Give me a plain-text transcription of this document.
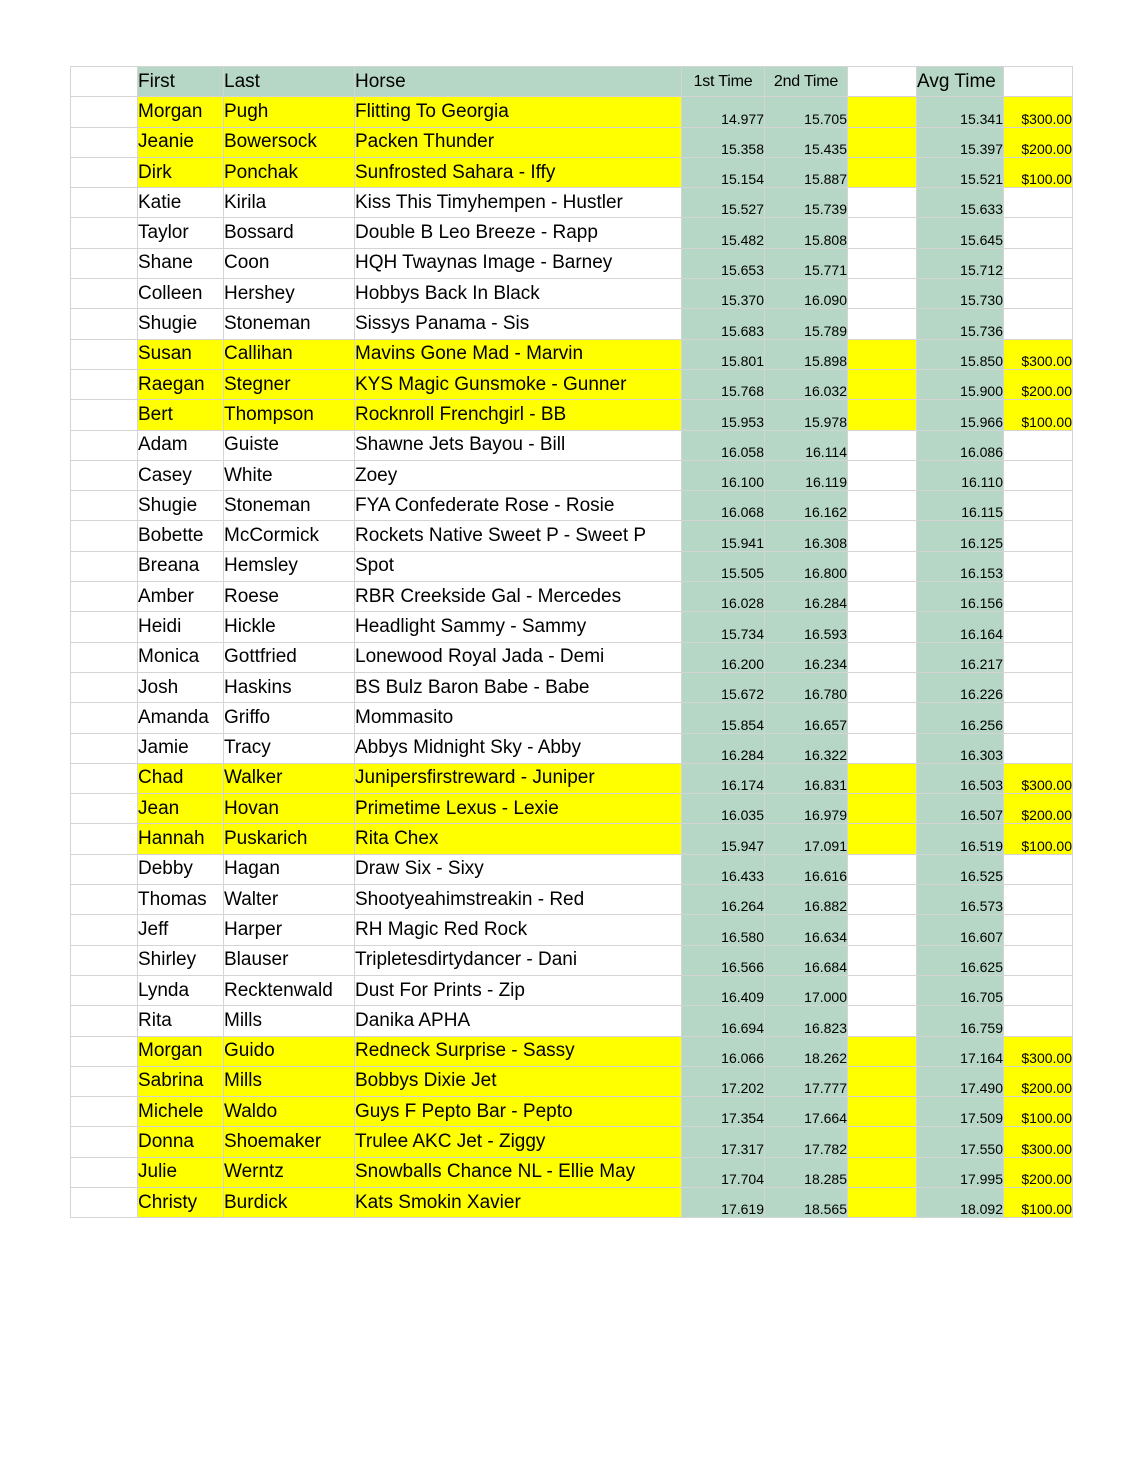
	First	Last	Horse	1st Time	2nd Time		Avg Time	
	Morgan	Pugh	Flitting To Georgia	14.977	15.705		15.341	$300.00
	Jeanie	Bowersock	Packen Thunder	15.358	15.435		15.397	$200.00
	Dirk	Ponchak	Sunfrosted Sahara - Iffy	15.154	15.887		15.521	$100.00
	Katie	Kirila	Kiss This Timyhempen - Hustler	15.527	15.739		15.633	
	Taylor	Bossard	Double B Leo Breeze - Rapp	15.482	15.808		15.645	
	Shane	Coon	HQH Twaynas Image - Barney	15.653	15.771		15.712	
	Colleen	Hershey	Hobbys Back In Black	15.370	16.090		15.730	
	Shugie	Stoneman	Sissys Panama - Sis	15.683	15.789		15.736	
	Susan	Callihan	Mavins Gone Mad - Marvin	15.801	15.898		15.850	$300.00
	Raegan	Stegner	KYS Magic Gunsmoke - Gunner	15.768	16.032		15.900	$200.00
	Bert	Thompson	Rocknroll Frenchgirl - BB	15.953	15.978		15.966	$100.00
	Adam	Guiste	Shawne Jets Bayou - Bill	16.058	16.114		16.086	
	Casey	White	Zoey	16.100	16.119		16.110	
	Shugie	Stoneman	FYA Confederate Rose - Rosie	16.068	16.162		16.115	
	Bobette	McCormick	Rockets Native Sweet P - Sweet P	15.941	16.308		16.125	
	Breana	Hemsley	Spot	15.505	16.800		16.153	
	Amber	Roese	RBR Creekside Gal - Mercedes	16.028	16.284		16.156	
	Heidi	Hickle	Headlight Sammy - Sammy	15.734	16.593		16.164	
	Monica	Gottfried	Lonewood Royal Jada - Demi	16.200	16.234		16.217	
	Josh	Haskins	BS Bulz Baron Babe - Babe	15.672	16.780		16.226	
	Amanda	Griffo	Mommasito	15.854	16.657		16.256	
	Jamie	Tracy	Abbys Midnight Sky - Abby	16.284	16.322		16.303	
	Chad	Walker	Junipersfirstreward - Juniper	16.174	16.831		16.503	$300.00
	Jean	Hovan	Primetime Lexus - Lexie	16.035	16.979		16.507	$200.00
	Hannah	Puskarich	Rita Chex	15.947	17.091		16.519	$100.00
	Debby	Hagan	Draw Six - Sixy	16.433	16.616		16.525	
	Thomas	Walter	Shootyeahimstreakin - Red	16.264	16.882		16.573	
	Jeff	Harper	RH Magic Red Rock	16.580	16.634		16.607	
	Shirley	Blauser	Tripletesdirtydancer - Dani	16.566	16.684		16.625	
	Lynda	Recktenwald	Dust For Prints - Zip	16.409	17.000		16.705	
	Rita	Mills	Danika APHA	16.694	16.823		16.759	
	Morgan	Guido	Redneck Surprise - Sassy	16.066	18.262		17.164	$300.00
	Sabrina	Mills	Bobbys Dixie Jet	17.202	17.777		17.490	$200.00
	Michele	Waldo	Guys F Pepto Bar - Pepto	17.354	17.664		17.509	$100.00
	Donna	Shoemaker	Trulee AKC Jet - Ziggy	17.317	17.782		17.550	$300.00
	Julie	Werntz	Snowballs Chance NL - Ellie May	17.704	18.285		17.995	$200.00
	Christy	Burdick	Kats Smokin Xavier	17.619	18.565		18.092	$100.00
